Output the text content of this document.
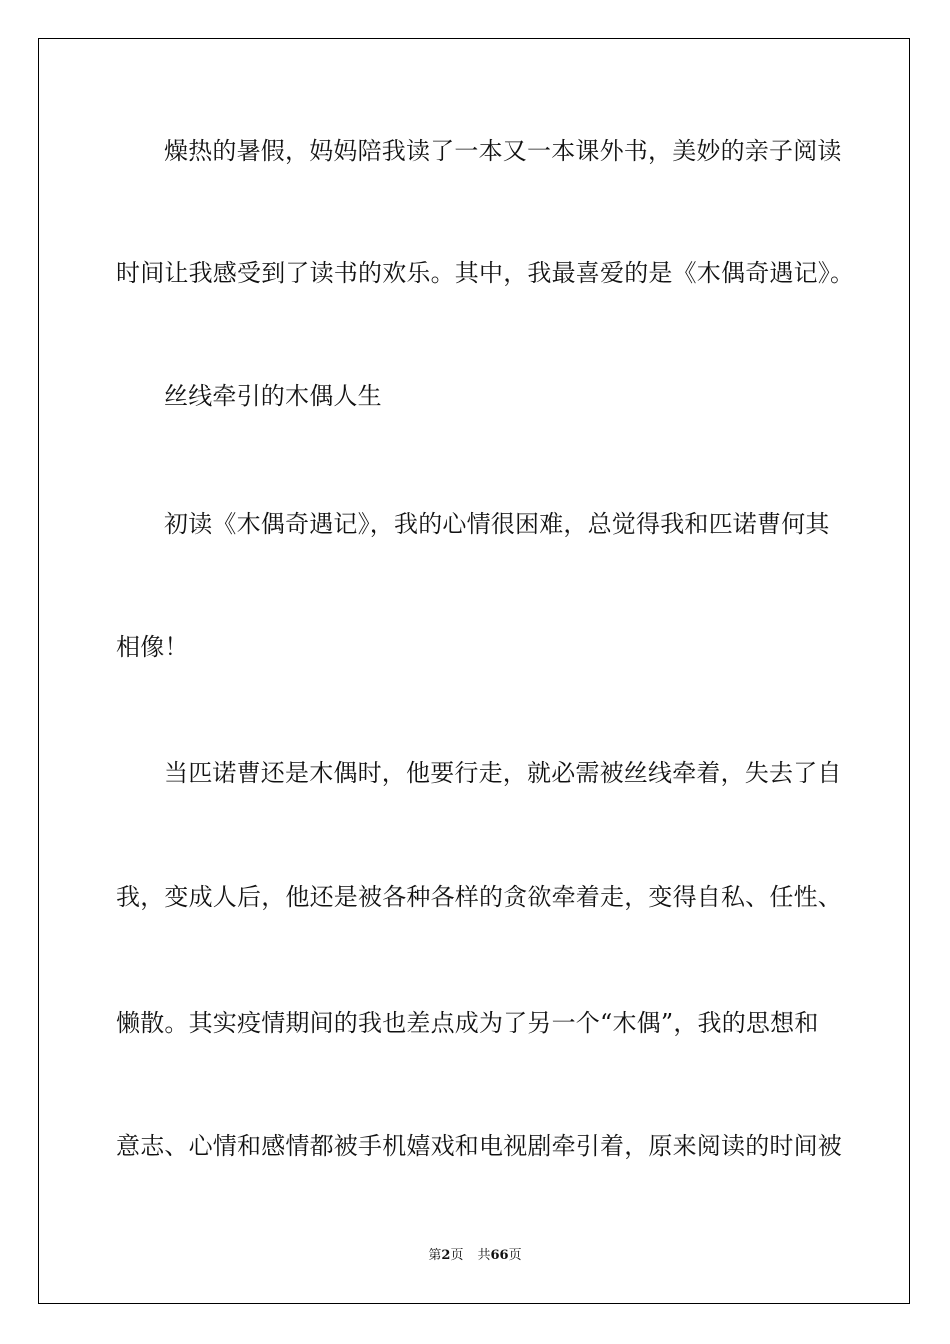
燥热的暑假，妈妈陪我读了一本又一本课外书，美妙的亲子阅读
时间让我感受到了读书的欢乐。其中，我最喜爱的是《木偶奇遇记》。
丝线牵引的木偶人生
初读《木偶奇遇记》，我的心情很困难，总觉得我和匹诺曹何其
相像！
当匹诺曹还是木偶时，他要行走，就必需被丝线牵着，失去了自
我，变成人后，他还是被各种各样的贪欲牵着走，变得自私、任性、
懒散。其实疫情期间的我也差点成为了另一个“木偶”，我的思想和
意志、心情和感情都被手机嬉戏和电视剧牵引着，原来阅读的时间被
第2页 共66页
